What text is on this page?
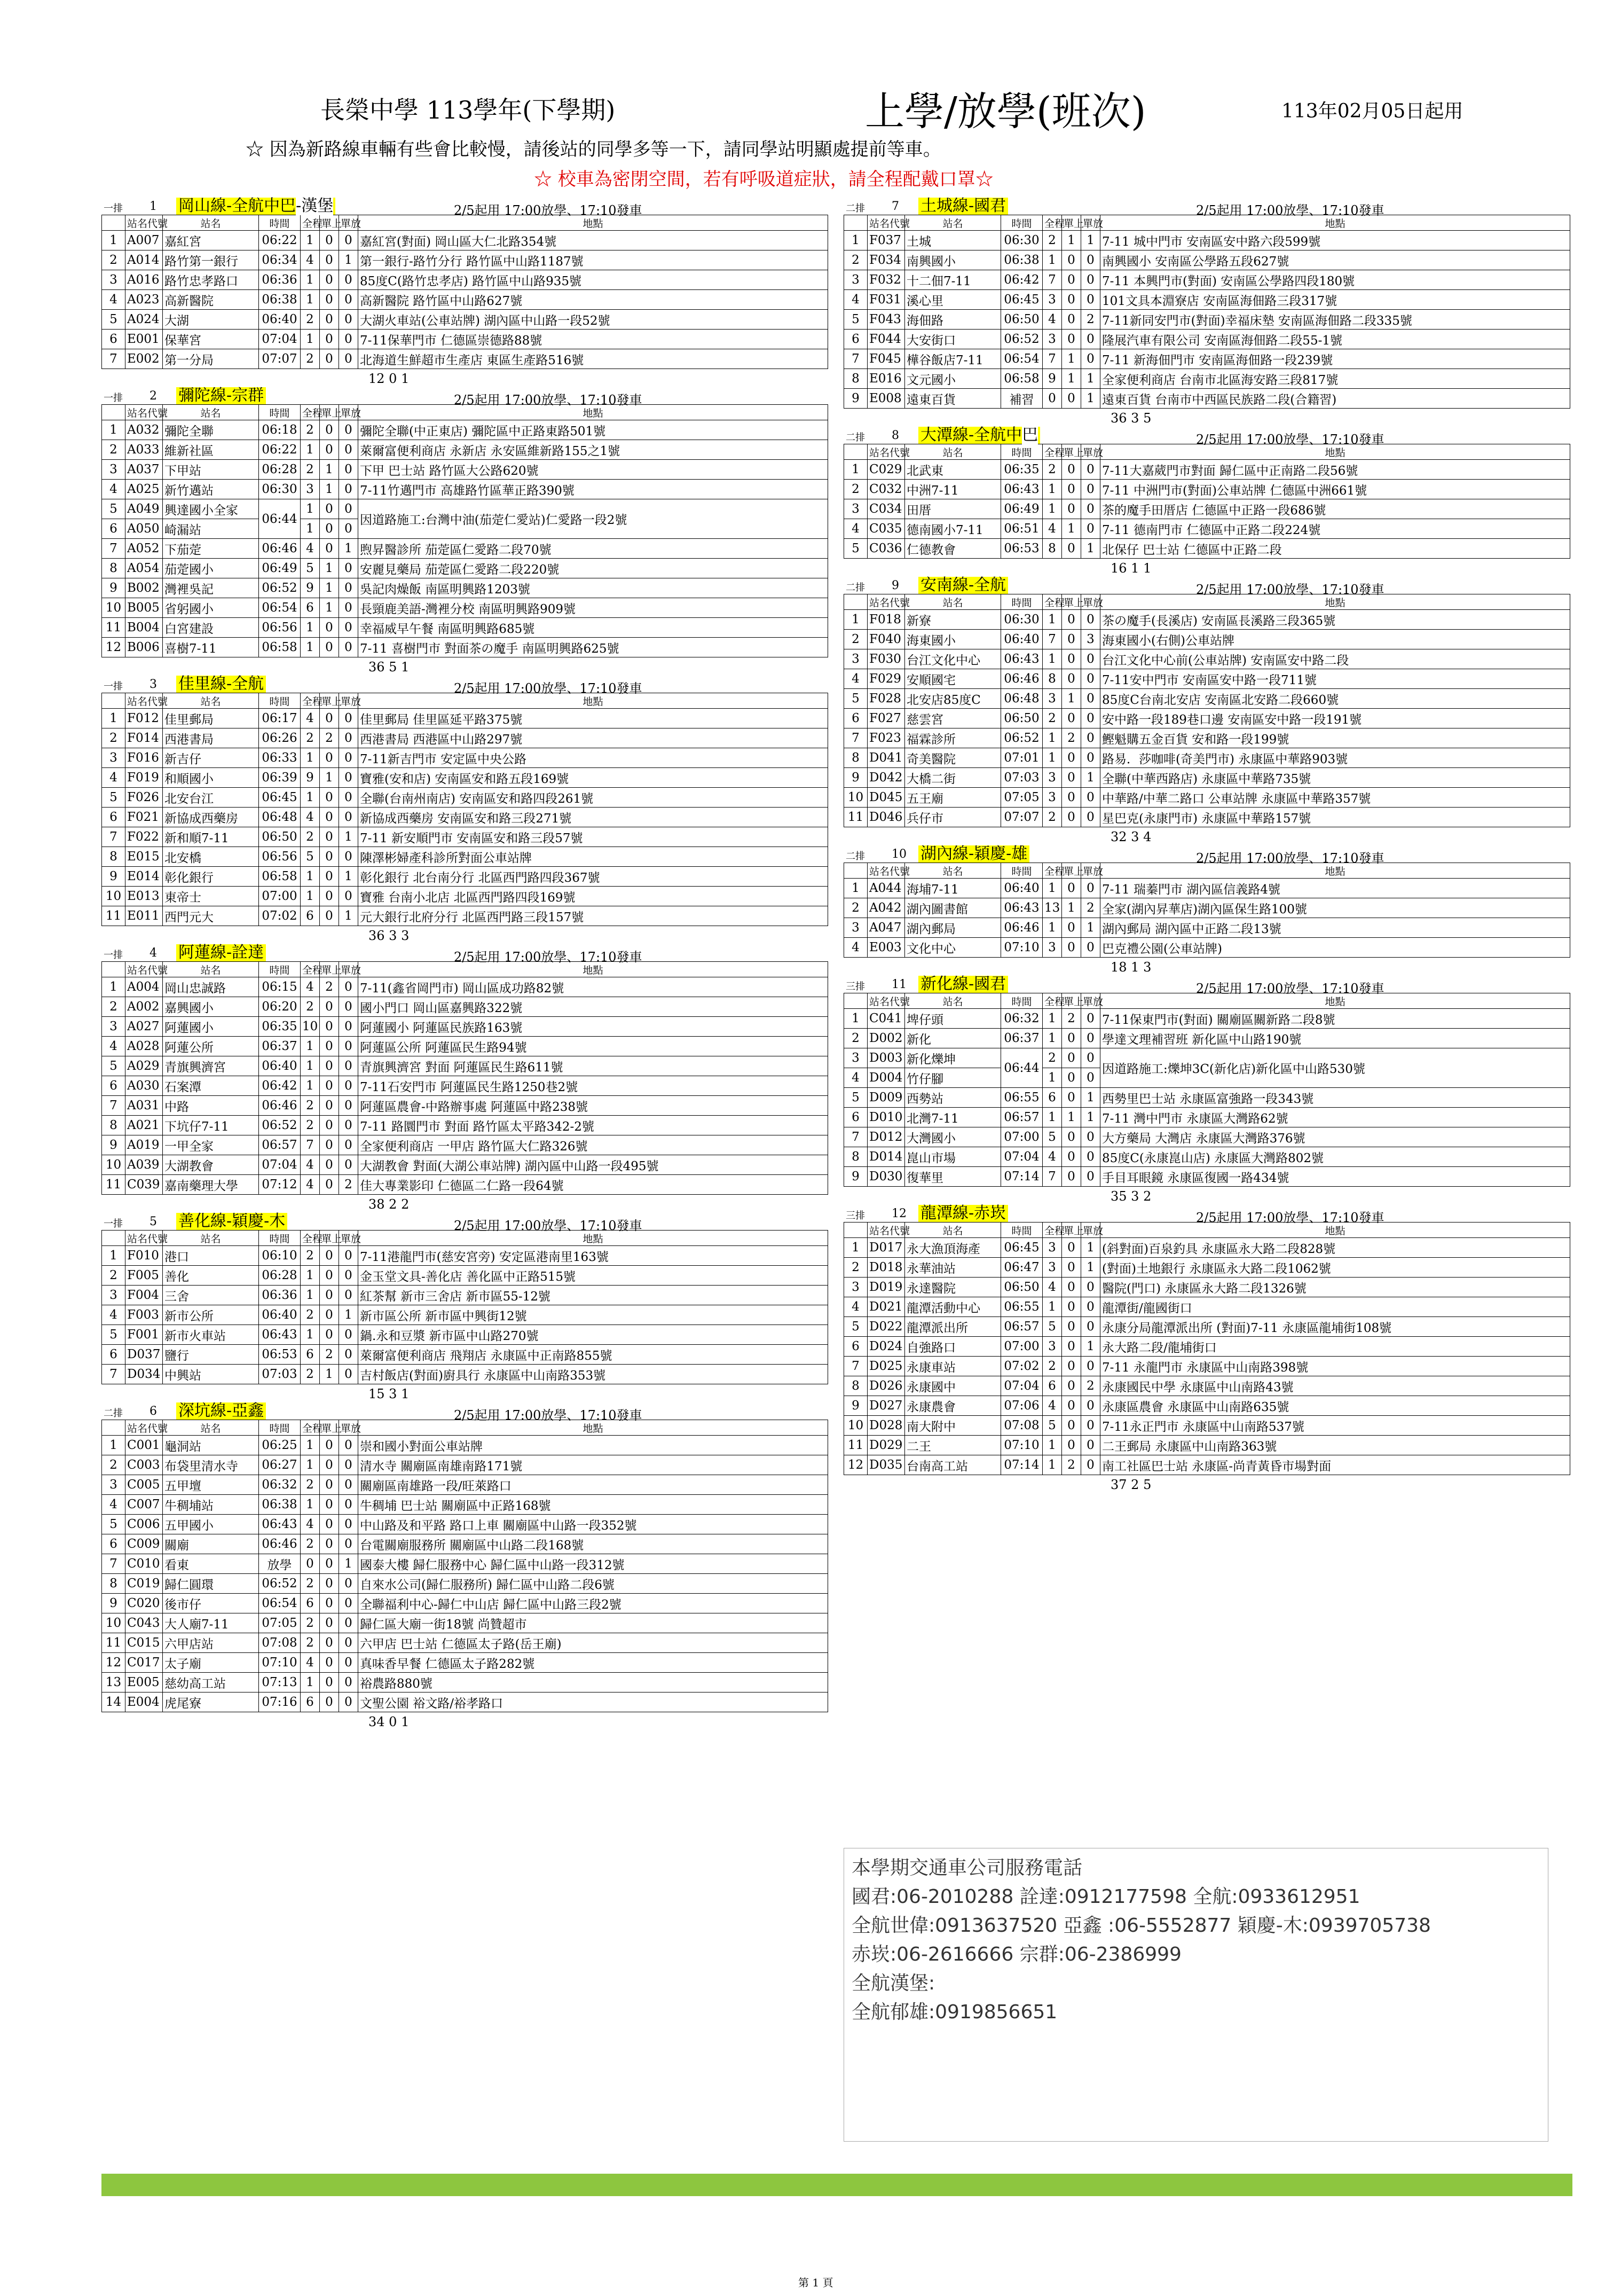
長榮中學 113學年(下學期)	上學/放學(班次)	113年02月05日起用
☆ 因為新路線車輛有些會比較慢，請後站的同學多等一下，請同學站明顯處提前等車。
☆ 校車為密閉空間，若有呼吸道症狀，請全程配戴口罩☆
一排 1 岡山線-全航中巴-漢堡	2/5起用 17:00放學、17:10發車
	站名代號	站名	時間	全程	單上	單放	地點
1	A007	嘉紅宮	06:22	1	0	0	嘉紅宮(對面) 岡山區大仁北路354號
2	A014	路竹第一銀行	06:34	4	0	1	第一銀行-路竹分行 路竹區中山路1187號
3	A016	路竹忠孝路口	06:36	1	0	0	85度C(路竹忠孝店) 路竹區中山路935號
4	A023	高新醫院	06:38	1	0	0	高新醫院 路竹區中山路627號
5	A024	大湖	06:40	2	0	0	大湖火車站(公車站牌) 湖內區中山路一段52號
6	E001	保華宮	07:04	1	0	0	7-11保華門市 仁德區崇德路88號
7	E002	第一分局	07:07	2	0	0	北海道生鮮超市生產店 東區生產路516號
12 0 1
一排 2 彌陀線-宗群	2/5起用 17:00放學、17:10發車
	站名代號	站名	時間	全程	單上	單放	地點
1	A032	彌陀全聯	06:18	2	0	0	彌陀全聯(中正東店) 彌陀區中正路東路501號
2	A033	維新社區	06:22	1	0	0	萊爾富便利商店 永新店 永安區維新路155之1號
3	A037	下甲站	06:28	2	1	0	下甲 巴士站 路竹區大公路620號
4	A025	新竹邁站	06:30	3	1	0	7-11竹邁門市 高雄路竹區華正路390號
5	A049	興達國小全家	06:44	1	0	0	因道路施工:台灣中油(茄萣仁愛站)仁愛路一段2號
6	A050	崎漏站		1	0	0	
7	A052	下茄萣	06:46	4	0	1	煦昇醫診所 茄萣區仁愛路二段70號
8	A054	茄萣國小	06:49	5	1	0	安麗見藥局 茄萣區仁愛路二段220號
9	B002	灣裡吳記	06:52	9	1	0	吳記肉燥飯 南區明興路1203號
10	B005	省躬國小	06:54	6	1	0	長頸鹿美語-灣裡分校 南區明興路909號
11	B004	白宮建設	06:56	1	0	0	幸福威早午餐 南區明興路685號
12	B006	喜樹7-11	06:58	1	0	0	7-11 喜樹門市 對面茶の魔手 南區明興路625號
36 5 1
一排 3 佳里線-全航	2/5起用 17:00放學、17:10發車
	站名代號	站名	時間	全程	單上	單放	地點
1	F012	佳里郵局	06:17	4	0	0	佳里郵局 佳里區延平路375號
2	F014	西港書局	06:26	2	2	0	西港書局 西港區中山路297號
3	F016	新吉仔	06:33	1	0	0	7-11新吉門市 安定區中央公路
4	F019	和順國小	06:39	9	1	0	寶雅(安和店) 安南區安和路五段169號
5	F026	北安台江	06:45	1	0	0	全聯(台南州南店) 安南區安和路四段261號
6	F021	新協成西藥房	06:48	4	0	0	新協成西藥房 安南區安和路三段271號
7	F022	新和順7-11	06:50	2	0	1	7-11 新安順門市 安南區安和路三段57號
8	E015	北安橋	06:56	5	0	0	陳澤彬婦產科診所對面公車站牌
9	E014	彰化銀行	06:58	1	0	1	彰化銀行 北台南分行 北區西門路四段367號
10	E013	東帝士	07:00	1	0	0	寶雅 台南小北店 北區西門路四段169號
11	E011	西門元大	07:02	6	0	1	元大銀行北府分行 北區西門路三段157號
36 3 3
一排 4 阿蓮線-詮達	2/5起用 17:00放學、17:10發車
	站名代號	站名	時間	全程	單上	單放	地點
1	A004	岡山忠誠路	06:15	4	2	0	7-11(鑫省岡門市) 岡山區成功路82號
2	A002	嘉興國小	06:20	2	0	0	國小門口 岡山區嘉興路322號
3	A027	阿蓮國小	06:35	10	0	0	阿蓮國小 阿蓮區民族路163號
4	A028	阿蓮公所	06:37	1	0	0	阿蓮區公所 阿蓮區民生路94號
5	A029	青旗興濟宮	06:40	1	0	0	青旗興濟宮 對面 阿蓮區民生路611號
6	A030	石案潭	06:42	1	0	0	7-11石安門市 阿蓮區民生路1250巷2號
7	A031	中路	06:46	2	0	0	阿蓮區農會-中路辦事處 阿蓮區中路238號
8	A021	下坑仔7-11	06:52	2	0	0	7-11 路圜門市 對面 路竹區太平路342-2號
9	A019	一甲全家	06:57	7	0	0	全家便利商店 一甲店 路竹區大仁路326號
10	A039	大湖教會	07:04	4	0	0	大湖教會 對面(大湖公車站牌) 湖內區中山路一段495號
11	C039	嘉南藥理大學	07:12	4	0	2	佳大專業影印 仁德區二仁路一段64號
38 2 2
一排 5 善化線-穎慶-木	2/5起用 17:00放學、17:10發車
	站名代號	站名	時間	全程	單上	單放	地點
1	F010	港口	06:10	2	0	0	7-11港龍門市(慈安宮旁) 安定區港南里163號
2	F005	善化	06:28	1	0	0	金玉堂文具-善化店 善化區中正路515號
3	F004	三舍	06:36	1	0	0	紅茶幫 新市三舍店 新市區55-12號
4	F003	新市公所	06:40	2	0	1	新市區公所 新市區中興街12號
5	F001	新市火車站	06:43	1	0	0	鍋.永和豆漿 新市區中山路270號
6	D037	鹽行	06:53	6	2	0	萊爾富便利商店 飛翔店 永康區中正南路855號
7	D034	中興站	07:03	2	1	0	吉村飯店(對面)廚具行 永康區中山南路353號
15 3 1
二排 6 深坑線-亞鑫	2/5起用 17:00放學、17:10發車
	站名代號	站名	時間	全程	單上	單放	地點
1	C001	龜洞站	06:25	1	0	0	崇和國小對面公車站牌
2	C003	布袋里清水寺	06:27	1	0	0	清水寺 關廟區南雄南路171號
3	C005	五甲壇	06:32	2	0	0	關廟區南雄路一段/旺萊路口
4	C007	牛稠埔站	06:38	1	0	0	牛稠埔 巴士站 關廟區中正路168號
5	C006	五甲國小	06:43	4	0	0	中山路及和平路 路口上車 關廟區中山路一段352號
6	C009	關廟	06:46	2	0	0	台電關廟服務所 關廟區中山路二段168號
7	C010	看東	放學	0	0	1	國泰大樓 歸仁服務中心 歸仁區中山路一段312號
8	C019	歸仁圓環	06:52	2	0	0	自來水公司(歸仁服務所) 歸仁區中山路二段6號
9	C020	後市仔	06:54	6	0	0	全聯福利中心-歸仁中山店 歸仁區中山路三段2號
10	C043	大人廟7-11	07:05	2	0	0	歸仁區大廟一街18號 尚贊超市
11	C015	六甲店站	07:08	2	0	0	六甲店 巴士站 仁德區太子路(岳王廟)
12	C017	太子廟	07:10	4	0	0	真味香早餐 仁德區太子路282號
13	E005	慈幼高工站	07:13	1	0	0	裕農路880號
14	E004	虎尾寮	07:16	6	0	0	文聖公園 裕文路/裕孝路口
34 0 1
二排 7 土城線-國君	2/5起用 17:00放學、17:10發車
	站名代號	站名	時間	全程	單上	單放	地點
1	F037	土城	06:30	2	1	1	7-11 城中門市 安南區安中路六段599號
2	F034	南興國小	06:38	1	0	0	南興國小 安南區公學路五段627號
3	F032	十二佃7-11	06:42	7	0	0	7-11 本興門市(對面) 安南區公學路四段180號
4	F031	溪心里	06:45	3	0	0	101文具本淵寮店 安南區海佃路三段317號
5	F043	海佃路	06:50	4	0	2	7-11新同安門市(對面)幸福床墊 安南區海佃路二段335號
6	F044	大安街口	06:52	3	0	0	隆展汽車有限公司 安南區海佃路二段55-1號
7	F045	樺谷飯店7-11	06:54	7	1	0	7-11 新海佃門市 安南區海佃路一段239號
8	E016	文元國小	06:58	9	1	1	全家便利商店 台南市北區海安路三段817號
9	E008	遠東百貨	補習	0	0	1	遠東百貨 台南市中西區民族路二段(合籍習)
36 3 5
二排 8 大潭線-全航中巴	2/5起用 17:00放學、17:10發車
	站名代號	站名	時間	全程	單上	單放	地點
1	C029	北武東	06:35	2	0	0	7-11大嘉葳門市對面 歸仁區中正南路二段56號
2	C032	中洲7-11	06:43	1	0	0	7-11 中洲門市(對面)公車站牌 仁德區中洲661號
3	C034	田厝	06:49	1	0	0	茶的魔手田厝店 仁德區中正路一段686號
4	C035	德南國小7-11	06:51	4	1	0	7-11 德南門市 仁德區中正路二段224號
5	C036	仁德教會	06:53	8	0	1	北保仔 巴士站 仁德區中正路二段
16 1 1
二排 9 安南線-全航	2/5起用 17:00放學、17:10發車
	站名代號	站名	時間	全程	單上	單放	地點
1	F018	新寮	06:30	1	0	0	茶の魔手(長溪店) 安南區長溪路三段365號
2	F040	海東國小	06:40	7	0	3	海東國小(右側)公車站牌
3	F030	台江文化中心	06:43	1	0	0	台江文化中心前(公車站牌) 安南區安中路二段
4	F029	安順國宅	06:46	8	0	0	7-11安中門市 安南區安中路一段711號
5	F028	北安店85度C	06:48	3	1	0	85度C台南北安店 安南區北安路二段660號
6	F027	慈雲宮	06:50	2	0	0	安中路一段189巷口邊 安南區安中路一段191號
7	F023	福霖診所	06:52	1	2	0	鰹魁購五金百貨 安和路一段199號
8	D041	奇美醫院	07:01	1	0	0	路易．莎咖啡(奇美門市) 永康區中華路903號
9	D042	大橋二街	07:03	3	0	1	全聯(中華西路店) 永康區中華路735號
10	D045	五王廟	07:05	3	0	0	中華路/中華二路口 公車站牌 永康區中華路357號
11	D046	兵仔市	07:07	2	0	0	星巴克(永康門市) 永康區中華路157號
32 3 4
二排 10 湖內線-穎慶-雄	2/5起用 17:00放學、17:10發車
	站名代號	站名	時間	全程	單上	單放	地點
1	A044	海埔7-11	06:40	1	0	0	7-11 瑞蓁門市 湖內區信義路4號
2	A042	湖內圖書館	06:43	13	1	2	全家(湖內昇華店)湖內區保生路100號
3	A047	湖內郵局	06:46	1	0	1	湖內郵局 湖內區中正路二段13號
4	E003	文化中心	07:10	3	0	0	巴克禮公園(公車站牌)
18 1 3
三排 11 新化線-國君	2/5起用 17:00放學、17:10發車
	站名代號	站名	時間	全程	單上	單放	地點
1	C041	埤仔頭	06:32	1	2	0	7-11保東門市(對面) 關廟區關新路二段8號
2	D002	新化	06:37	1	0	0	學達文理補習班 新化區中山路190號
3	D003	新化爍坤	06:44	2	0	0	因道路施工:爍坤3C(新化店)新化區中山路530號
4	D004	竹仔腳		1	0	0	
5	D009	西勢站	06:55	6	0	1	西勢里巴士站 永康區富強路一段343號
6	D010	北灣7-11	06:57	1	1	1	7-11 灣中門市 永康區大灣路62號
7	D012	大灣國小	07:00	5	0	0	大方藥局 大灣店 永康區大灣路376號
8	D014	崑山市場	07:04	4	0	0	85度C(永康崑山店) 永康區大灣路802號
9	D030	復華里	07:14	7	0	0	手目耳眼鏡 永康區復國一路434號
35 3 2
三排 12 龍潭線-赤崁	2/5起用 17:00放學、17:10發車
	站名代號	站名	時間	全程	單上	單放	地點
1	D017	永大漁頂海產	06:45	3	0	1	(斜對面)百泉釣具 永康區永大路二段828號
2	D018	永華油站	06:47	3	0	1	(對面)土地銀行 永康區永大路二段1062號
3	D019	永達醫院	06:50	4	0	0	醫院(門口) 永康區永大路二段1326號
4	D021	龍潭活動中心	06:55	1	0	0	龍潭街/龍國街口
5	D022	龍潭派出所	06:57	5	0	0	永康分局龍潭派出所 (對面)7-11 永康區龍埔街108號
6	D024	自強路口	07:00	3	0	1	永大路二段/龍埔街口
7	D025	永康車站	07:02	2	0	0	7-11 永龍門市 永康區中山南路398號
8	D026	永康國中	07:04	6	0	2	永康國民中學 永康區中山南路43號
9	D027	永康農會	07:06	4	0	0	永康區農會 永康區中山南路635號
10	D028	南大附中	07:08	5	0	0	7-11永正門市 永康區中山南路537號
11	D029	二王	07:10	1	0	0	二王郵局 永康區中山南路363號
12	D035	台南高工站	07:14	1	2	0	南工社區巴士站 永康區-尚青黃昏市場對面
37 2 5
本學期交通車公司服務電話
國君:06-2010288 詮達:0912177598 全航:0933612951
全航世偉:0913637520 亞鑫 :06-5552877 穎慶-木:0939705738
赤崁:06-2616666 宗群:06-2386999
全航漢堡:
全航郁雄:0919856651
第 1 頁
